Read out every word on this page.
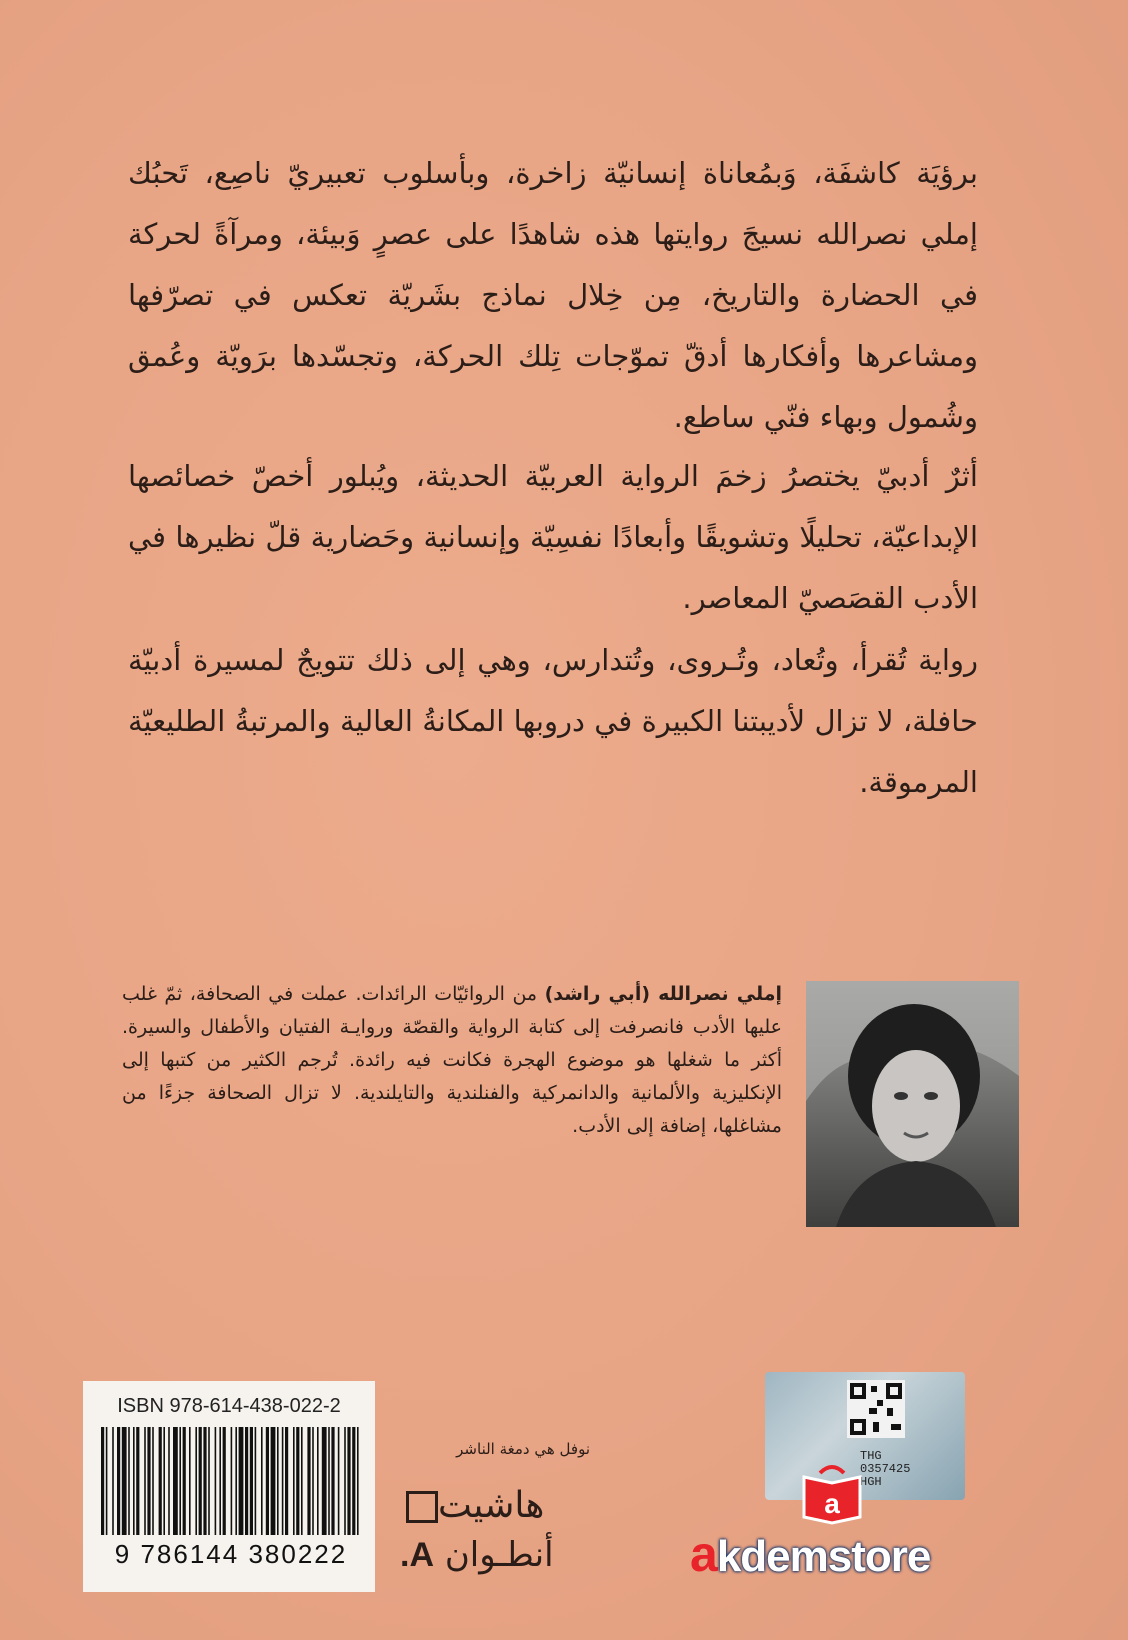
برؤيَة كاشفَة، وَبمُعاناة إنسانيّة زاخرة، وبأسلوب تعبيريّ ناصِع، تَحبُك إملي نصرالله نسيجَ روايتها هذه شاهدًا على عصرٍ وَبيئة، ومرآةً لحركة في الحضارة والتاريخ، مِن خِلال نماذج بشَريّة تعكس في تصرّفها ومشاعرها وأفكارها أدقّ تموّجات تِلك الحركة، وتجسّدها برَويّة وعُمق وشُمول وبهاء فنّي ساطع.
أثرٌ أدبيّ يختصرُ زخمَ الرواية العربيّة الحديثة، ويُبلور أخصّ خصائصها الإبداعيّة، تحليلًا وتشويقًا وأبعادًا نفسِيّة وإنسانية وحَضارية قلّ نظيرها في الأدب القصَصيّ المعاصر.
رواية تُقرأ، وتُعاد، وتُـروى، وتُتدارس، وهي إلى ذلك تتويجٌ لمسيرة أدبيّة حافلة، لا تزال لأديبتنا الكبيرة في دروبها المكانةُ العالية والمرتبةُ الطليعيّة المرموقة.
إملي نصرالله (أبي راشد) من الروائيّات الرائدات. عملت في الصحافة، ثمّ غلب عليها الأدب فانصرفت إلى كتابة الرواية والقصّة وروايـة الفتيان والأطفال والسيرة. أكثر ما شغلها هو موضوع الهجرة فكانت فيه رائدة. تُرجم الكثير من كتبها إلى الإنكليزية والألمانية والدانمركية والفنلندية والتايلندية. لا تزال الصحافة جزءًا من مشاغلها، إضافة إلى الأدب.
ISBN 978-614-438-022-2
9 786144 380222
نوفل هي دمغة الناشر
هاشيت
أنطـوان A.
THG
0357425
HGH
a
akdemstore
